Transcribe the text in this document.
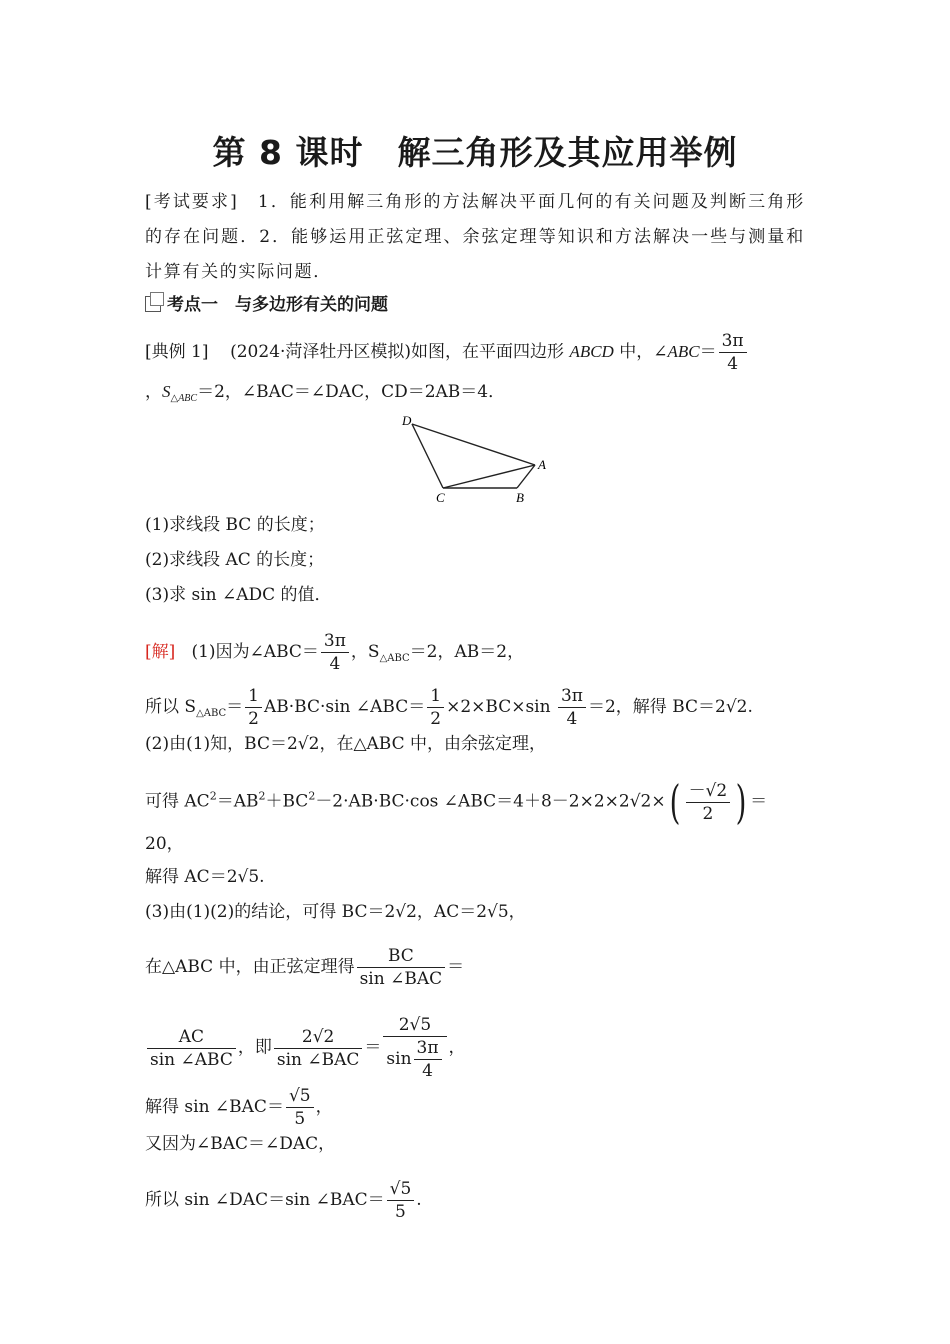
第 8 课时 解三角形及其应用举例
[考试要求]　1．能利用解三角形的方法解决平面几何的有关问题及判断三角形的存在问题．2．能够运用正弦定理、余弦定理等知识和方法解决一些与测量和计算有关的实际问题．
考点一　与多边形有关的问题
[典例 1] (2024·菏泽牡丹区模拟)如图，在平面四边形 ABCD 中，∠ABC＝ $\frac{3\pi}{4}$
，$S_{\triangle ABC}=2$，∠BAC＝∠DAC，CD＝2AB＝4．
D
A
C	B
(1)求线段 BC 的长度；
(2)求线段 AC 的长度；
(3)求 sin ∠ADC 的值．
[解] (1)因为∠ABC＝ $\frac{3\pi}{4}$ ，$S_{\triangle ABC}=2$，AB＝2，
所以 $S_{\triangle ABC}= \frac{1}{2} AB\cdot BC\cdot\sin$ ∠ABC＝ $\frac{1}{2} \times 2\times BC\times\sin \frac{3\pi}{4} =2$，解得 BC＝2√2.
(2)由(1)知，BC＝2√2，在△ABC 中，由余弦定理，
可得 $AC^2=AB^2+BC^2-2\cdot AB\cdot BC\cdot\cos$ ∠ABC＝4＋8－2×2×2√2×( $\frac{-√2}{2}$ ) ＝
20，
解得 AC＝2√5.
(3)由(1)(2)的结论，可得 BC＝2√2，AC＝2√5，
在△ABC 中，由正弦定理得 $\frac{BC}{\text{sin ∠BAC}}$ ＝
$\frac{AC}{\text{sin ∠ABC}}$ ，即 $\frac{2√2}{\text{sin ∠BAC}} = \frac{2√5}{\sin \frac{3\pi}{4}}$ ，
解得 sin ∠BAC＝ $\frac{√5}{5}$ ，
又因为∠BAC＝∠DAC，
所以 sin ∠DAC＝sin ∠BAC＝ $\frac{√5}{5}$ .
